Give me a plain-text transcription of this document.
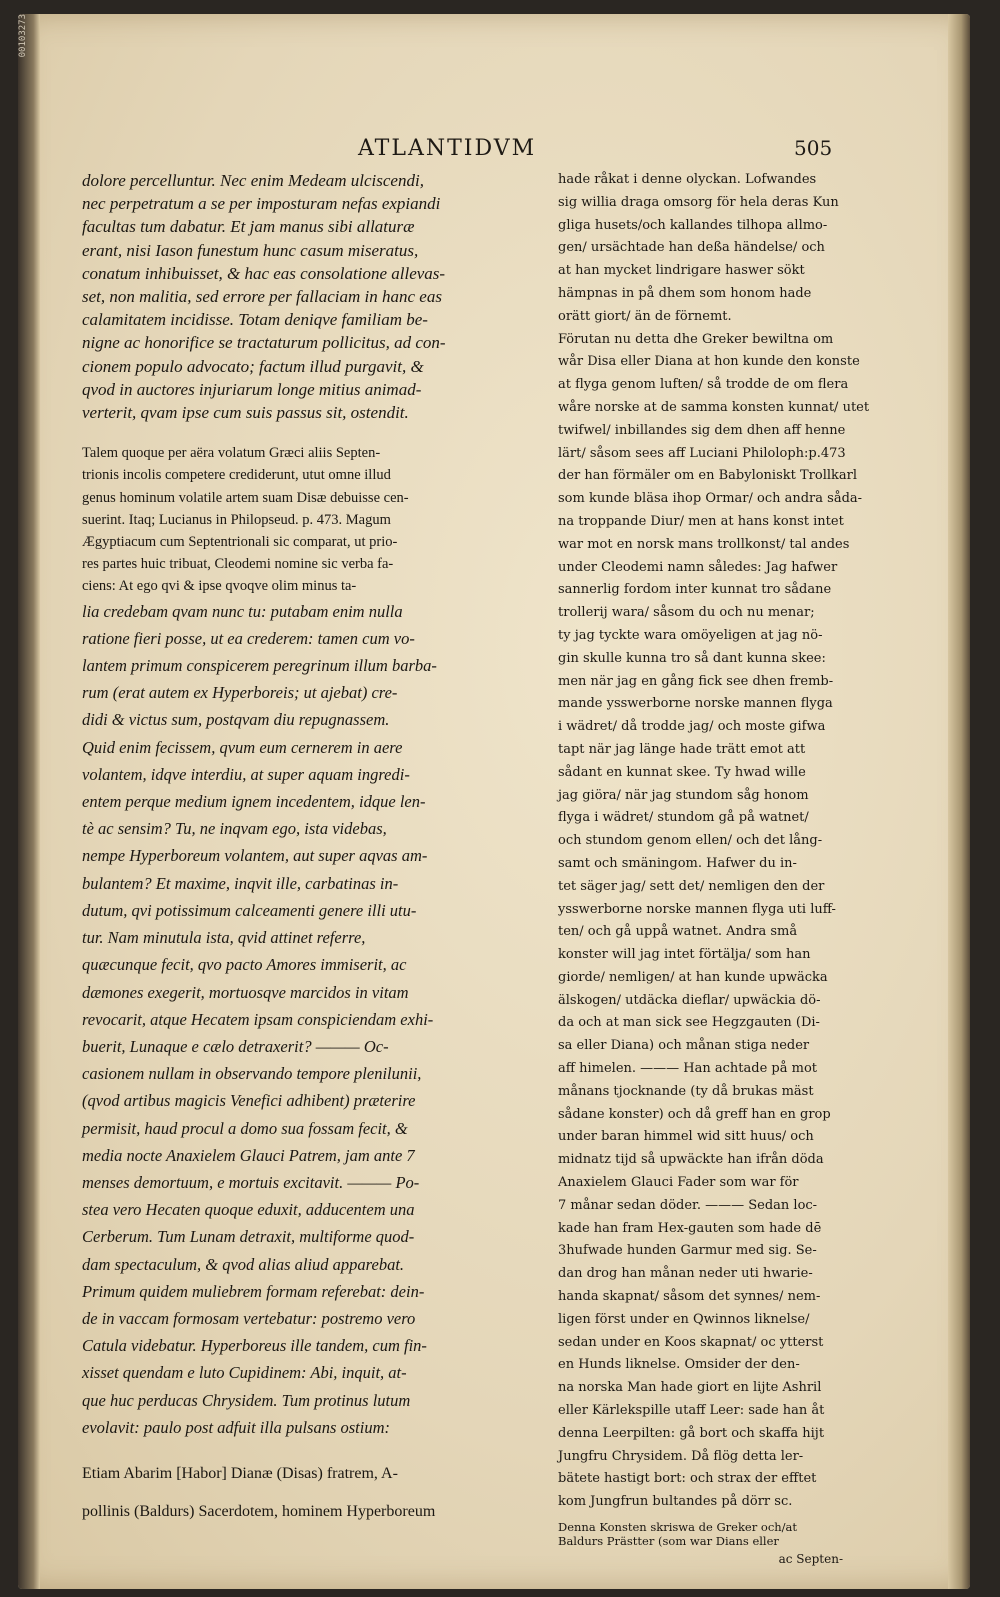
00103273
ATLANTIDVM	505

dolore percelluntur. Nec enim Medeam ulciscendi,

nec perpetratum a se per imposturam nefas expiandi

facultas tum dabatur. Et jam manus sibi allaturæ

erant, nisi Iason funestum hunc casum miseratus,

conatum inhibuisset, & hac eas consolatione allevas-

set, non malitia, sed errore per fallaciam in hanc eas

calamitatem incidisse. Totam deniqve familiam be-

nigne ac honorifice se tractaturum pollicitus, ad con-

cionem populo advocato; factum illud purgavit, &

qvod in auctores injuriarum longe mitius animad-

verterit, qvam ipse cum suis passus sit, ostendit.

Talem quoque per aëra volatum Græci aliis Septen-

trionis incolis competere crediderunt, utut omne illud

genus hominum volatile artem suam Disæ debuisse cen-

suerint. Itaq; Lucianus in Philopseud. p. 473. Magum

Ægyptiacum cum Septentrionali sic comparat, ut prio-

res partes huic tribuat, Cleodemi nomine sic verba fa-

ciens: At ego qvi & ipse qvoqve olim minus ta-

lia credebam qvam nunc tu: putabam enim nulla

ratione fieri posse, ut ea crederem: tamen cum vo-

lantem primum conspicerem peregrinum illum barba-

rum (erat autem ex Hyperboreis; ut ajebat) cre-

didi & victus sum, postqvam diu repugnassem.

Quid enim fecissem, qvum eum cernerem in aere

volantem, idqve interdiu, at super aquam ingredi-

entem perque medium ignem incedentem, idque len-

tè ac sensim? Tu, ne inqvam ego, ista videbas,

nempe Hyperboreum volantem, aut super aqvas am-

bulantem? Et maxime, inqvit ille, carbatinas in-

dutum, qvi potissimum calceamenti genere illi utu-

tur. Nam minutula ista, qvid attinet referre,

quæcunque fecit, qvo pacto Amores immiserit, ac

dæmones exegerit, mortuosqve marcidos in vitam

revocarit, atque Hecatem ipsam conspiciendam exhi-

buerit, Lunaque e cælo detraxerit? ——— Oc-

casionem nullam in observando tempore plenilunii,

(qvod artibus magicis Venefici adhibent) præterire

permisit, haud procul a domo sua fossam fecit, &

media nocte Anaxielem Glauci Patrem, jam ante 7

menses demortuum, e mortuis excitavit. ——— Po-

stea vero Hecaten quoque eduxit, adducentem una

Cerberum. Tum Lunam detraxit, multiforme quod-

dam spectaculum, & qvod alias aliud apparebat.

Primum quidem muliebrem formam referebat: dein-

de in vaccam formosam vertebatur: postremo vero

Catula videbatur. Hyperboreus ille tandem, cum fin-

xisset quendam e luto Cupidinem: Abi, inquit, at-

que huc perducas Chrysidem. Tum protinus lutum

evolavit: paulo post adfuit illa pulsans ostium:

Etiam Abarim [Habor] Dianæ (Disas) fratrem, A-

pollinis (Baldurs) Sacerdotem, hominem Hyperboreum

hade råkat i denne olyckan. Lofwandes

sig willia draga omsorg för hela deras Kun

gliga husets/och kallandes tilhopa allmo-

gen/ ursächtade han deßa händelse/ och

at han mycket lindrigare haswer sökt

hämpnas in på dhem som honom hade

orätt giort/ än de förnemt.

Förutan nu detta dhe Greker bewiltna om

wår Disa eller Diana at hon kunde den konste

at flyga genom luften/ så trodde de om flera

wåre norske at de samma konsten kunnat/ utet

twifwel/ inbillandes sig dem dhen aff henne

lärt/ såsom sees aff Luciani Philoloph:p.473

der han förmäler om en Babyloniskt Trollkarl

som kunde bläsa ihop Ormar/ och andra såda-

na troppande Diur/ men at hans konst intet

war mot en norsk mans trollkonst/ tal andes

under Cleodemi namn således: Jag hafwer

sannerlig fordom inter kunnat tro sådane

trollerij wara/ såsom du och nu menar;

ty jag tyckte wara omöyeligen at jag nö-

gin skulle kunna tro så dant kunna skee:

men när jag en gång fick see dhen fremb-

mande ysswerborne norske mannen flyga

i wädret/ då trodde jag/ och moste gifwa

tapt när jag länge hade trätt emot att

sådant en kunnat skee. Ty hwad wille

jag giöra/ när jag stundom såg honom

flyga i wädret/ stundom gå på watnet/

och stundom genom ellen/ och det lång-

samt och smäningom. Hafwer du in-

tet säger jag/ sett det/ nemligen den der

ysswerborne norske mannen flyga uti luff-

ten/ och gå uppå watnet. Andra små

konster will jag intet förtälja/ som han

giorde/ nemligen/ at han kunde upwäcka

älskogen/ utdäcka dieflar/ upwäckia dö-

da och at man sick see Hegzgauten (Di-

sa eller Diana) och månan stiga neder

aff himelen. ——— Han achtade på mot

månans tjocknande (ty då brukas mäst

sådane konster) och då greff han en grop

under baran himmel wid sitt huus/ och

midnatz tijd så upwäckte han ifrån döda

Anaxielem Glauci Fader som war för

7 månar sedan döder. ——— Sedan loc-

kade han fram Hex-gauten som hade dē

3hufwade hunden Garmur med sig. Se-

dan drog han månan neder uti hwarie-

handa skapnat/ såsom det synnes/ nem-

ligen först under en Qwinnos liknelse/

sedan under en Koos skapnat/ oc ytterst

en Hunds liknelse. Omsider der den-

na norska Man hade giort en lijte Ashril

eller Kärlekspille utaff Leer: sade han åt

denna Leerpilten: gå bort och skaffa hijt

Jungfru Chrysidem. Då flög detta ler-

bätete hastigt bort: och strax der efftet

kom Jungfrun bultandes på dörr sc.

Denna Konsten skriswa de Greker och/at

Baldurs Prästter (som war Dians eller

ac Septen-
